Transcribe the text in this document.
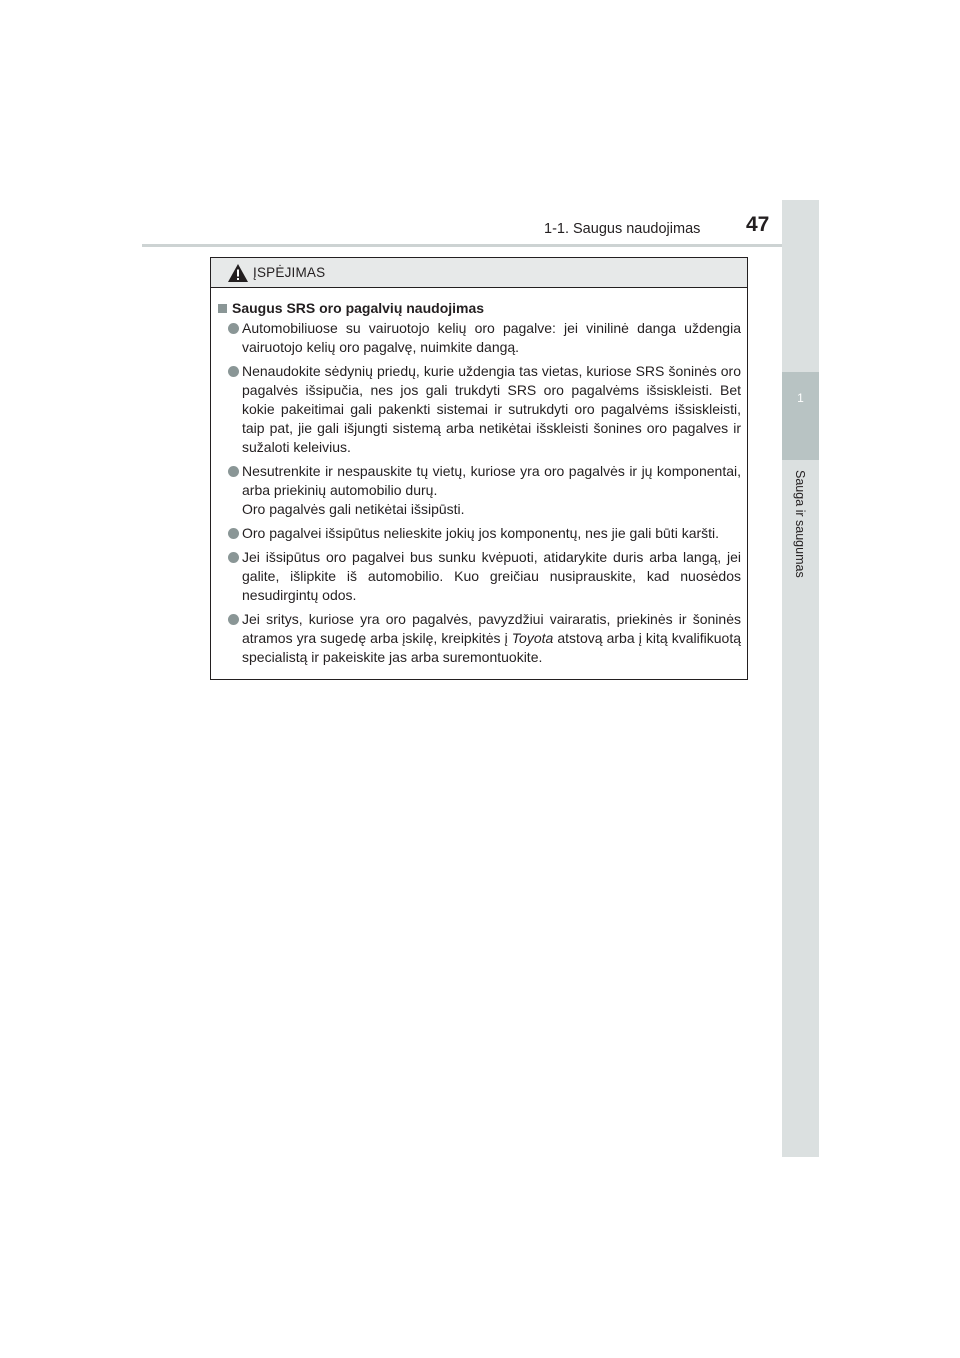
1-1. Saugus naudojimas 47
1
Sauga ir saugumas
ĮSPĖJIMAS
Saugus SRS oro pagalvių naudojimas
Automobiliuose su vairuotojo kelių oro pagalve: jei vinilinė danga uždengia vairuotojo kelių oro pagalvę, nuimkite dangą.
Nenaudokite sėdynių priedų, kurie uždengia tas vietas, kuriose SRS šoninės oro pagalvės išsipučia, nes jos gali trukdyti SRS oro pagalvėms išsiskleisti. Bet kokie pakeitimai gali pakenkti sistemai ir sutrukdyti oro pagalvėms išsiskleisti, taip pat, jie gali išjungti sistemą arba netikėtai išskleisti šonines oro pagalves ir sužaloti keleivius.
Nesutrenkite ir nespauskite tų vietų, kuriose yra oro pagalvės ir jų komponentai, arba priekinių automobilio durų.
Oro pagalvės gali netikėtai išsipūsti.
Oro pagalvei išsipūtus nelieskite jokių jos komponentų, nes jie gali būti karšti.
Jei išsipūtus oro pagalvei bus sunku kvėpuoti, atidarykite duris arba langą, jei galite, išlipkite iš automobilio. Kuo greičiau nusiprauskite, kad nuosėdos nesudirgintų odos.
Jei sritys, kuriose yra oro pagalvės, pavyzdžiui vairaratis, priekinės ir šoninės atramos yra sugedę arba įskilę, kreipkitės į Toyota atstovą arba į kitą kvalifikuotą specialistą ir pakeiskite jas arba suremontuokite.
